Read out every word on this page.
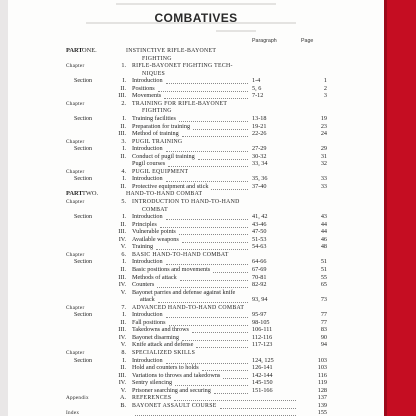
COMBATIVES
Paragraph	Page
PART ONE.	INSTINCTIVE RIFLE-BAYONET
FIGHTING
Chapter	1. RIFLE-BAYONET FIGHTING TECH-
NIQUES
Section	I. Introduction	1-4	1
II. Positions	5, 6	2
III. Movements	7-12	3
Chapter	2. TRAINING FOR RIFLE-BAYONET
FIGHTING
Section	I. Training facilities	13-18	19
II. Preparation for training	19-21	23
III. Method of training	22-26	24
Chapter	3. PUGIL TRAINING
Section	I. Introduction	27-29	29
II. Conduct of pugil training	30-32	31
Pugil courses	33, 34	32
Chapter	4. PUGIL EQUIPMENT
Section	I. Introduction	35, 36	33
II. Protective equipment and stick	37-40	33
PART TWO.	HAND-TO-HAND COMBAT
Chapter	5. INTRODUCTION TO HAND-TO-HAND
COMBAT
Section	I. Introduction	41, 42	43
II. Principles	43-46	44
III. Vulnerable points	47-50	44
IV. Available weapons	51-53	46
V. Training	54-63	48
Chapter	6. BASIC HAND-TO-HAND COMBAT
Section	I. Introduction	64-66	51
II. Basic positions and movements	67-69	51
III. Methods of attack	70-81	55
IV. Counters	82-92	65
V. Bayonet parries and defense against knife
attack	93, 94	73
Chapter	7. ADVANCED HAND-TO-HAND COMBAT
Section	I. Introduction	95-97	77
II. Fall positions	98-105	77
III. Takedowns and throws	106-111	83
IV. Bayonet disarming	112-116	90
V. Knife attack and defense	117-123	94
Chapter	8. SPECIALIZED SKILLS
Section	I. Introduction	124, 125	103
II. Hold and counters to holds	126-141	103
III. Variations to throws and takedowns	142-144	116
IV. Sentry silencing	145-150	119
V. Prisoner searching and securing	151-166	128
Appendix	A. REFERENCES	137
B. BAYONET ASSAULT COURSE	139
Index	155
